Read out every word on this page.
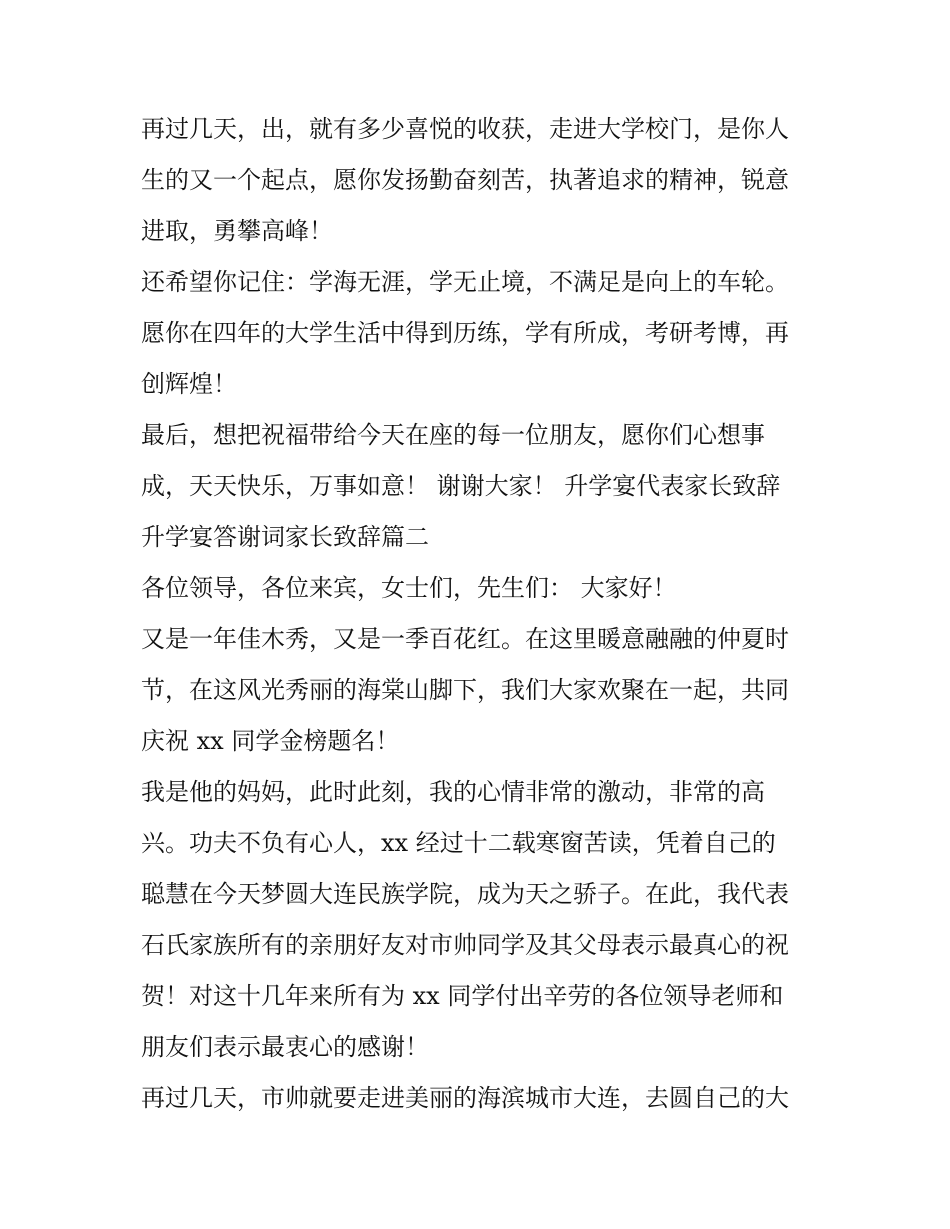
再过几天，出，就有多少喜悦的收获，走进大学校门，是你人
生的又一个起点，愿你发扬勤奋刻苦，执著追求的精神，锐意
进取，勇攀高峰！
还希望你记住：学海无涯，学无止境，不满足是向上的车轮。
愿你在四年的大学生活中得到历练，学有所成，考研考博，再
创辉煌！
最后，想把祝福带给今天在座的每一位朋友，愿你们心想事
成，天天快乐，万事如意！ 谢谢大家！ 升学宴代表家长致辞
升学宴答谢词家长致辞篇二
各位领导，各位来宾，女士们，先生们： 大家好！
又是一年佳木秀，又是一季百花红。在这里暖意融融的仲夏时
节，在这风光秀丽的海棠山脚下，我们大家欢聚在一起，共同
庆祝 xx 同学金榜题名！
我是他的妈妈，此时此刻，我的心情非常的激动，非常的高
兴。功夫不负有心人，xx 经过十二载寒窗苦读，凭着自己的
聪慧在今天梦圆大连民族学院，成为天之骄子。在此，我代表
石氏家族所有的亲朋好友对市帅同学及其父母表示最真心的祝
贺！对这十几年来所有为 xx 同学付出辛劳的各位领导老师和
朋友们表示最衷心的感谢！
再过几天，市帅就要走进美丽的海滨城市大连，去圆自己的大
